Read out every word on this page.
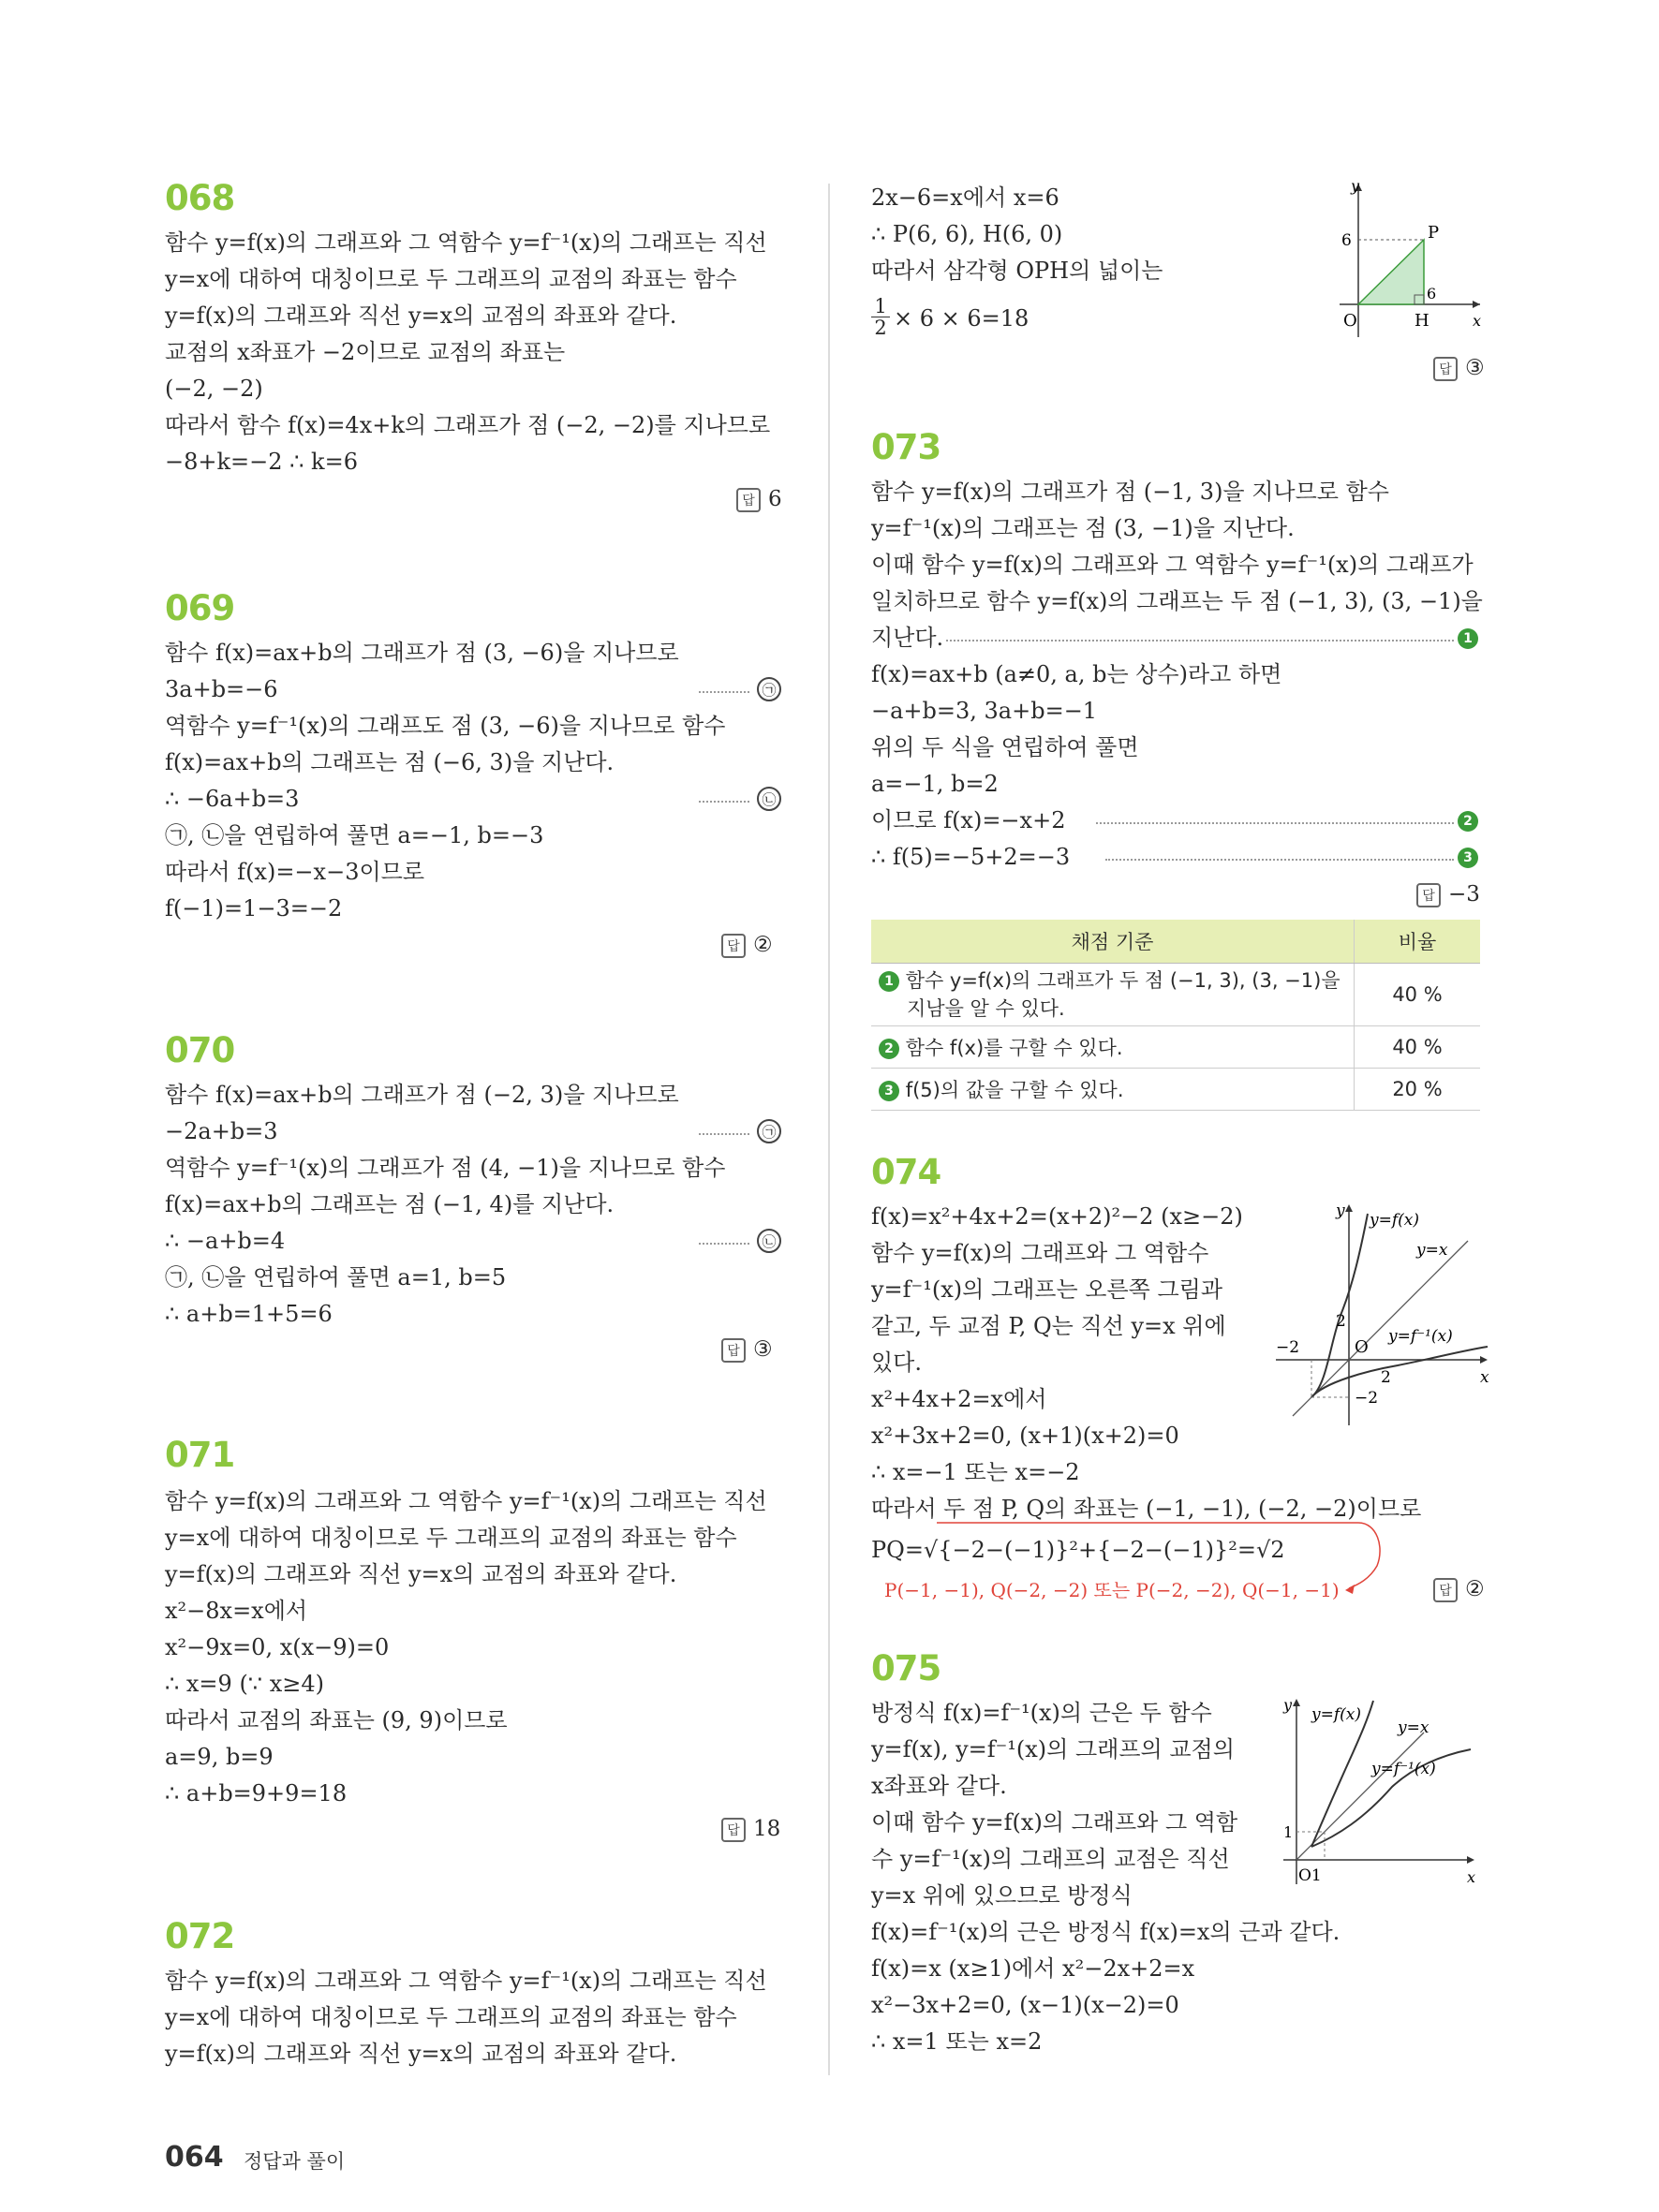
068
함수 y=f(x)의 그래프와 그 역함수 y=f⁻¹(x)의 그래프는 직선
y=x에 대하여 대칭이므로 두 그래프의 교점의 좌표는 함수
y=f(x)의 그래프와 직선 y=x의 교점의 좌표와 같다.
교점의 x좌표가 −2이므로 교점의 좌표는
(−2, −2)
따라서 함수 f(x)=4x+k의 그래프가 점 (−2, −2)를 지나므로
−8+k=−2 ∴ k=6
답 6
069
함수 f(x)=ax+b의 그래프가 점 (3, −6)을 지나므로
3a+b=−6	㉠
역함수 y=f⁻¹(x)의 그래프도 점 (3, −6)을 지나므로 함수
f(x)=ax+b의 그래프는 점 (−6, 3)을 지난다.
∴ −6a+b=3	㉡
㉠, ㉡을 연립하여 풀면 a=−1, b=−3
따라서 f(x)=−x−3이므로
f(−1)=1−3=−2
답 ②
070
함수 f(x)=ax+b의 그래프가 점 (−2, 3)을 지나므로
−2a+b=3	㉠
역함수 y=f⁻¹(x)의 그래프가 점 (4, −1)을 지나므로 함수
f(x)=ax+b의 그래프는 점 (−1, 4)를 지난다.
∴ −a+b=4	㉡
㉠, ㉡을 연립하여 풀면 a=1, b=5
∴ a+b=1+5=6
답 ③
071
함수 y=f(x)의 그래프와 그 역함수 y=f⁻¹(x)의 그래프는 직선
y=x에 대하여 대칭이므로 두 그래프의 교점의 좌표는 함수
y=f(x)의 그래프와 직선 y=x의 교점의 좌표와 같다.
x²−8x=x에서
x²−9x=0, x(x−9)=0
∴ x=9 (∵ x≥4)
따라서 교점의 좌표는 (9, 9)이므로
a=9, b=9
∴ a+b=9+9=18
답 18
072
함수 y=f(x)의 그래프와 그 역함수 y=f⁻¹(x)의 그래프는 직선
y=x에 대하여 대칭이므로 두 그래프의 교점의 좌표는 함수
y=f(x)의 그래프와 직선 y=x의 교점의 좌표와 같다.
2x−6=x에서 x=6
∴ P(6, 6), H(6, 0)
따라서 삼각형 OPH의 넓이는
$\frac{1}{2} \times 6 \times 6=18$
y
x
6
6
P
O	H
답 ③
073
함수 y=f(x)의 그래프가 점 (−1, 3)을 지나므로 함수
y=f⁻¹(x)의 그래프는 점 (3, −1)을 지난다.
이때 함수 y=f(x)의 그래프와 그 역함수 y=f⁻¹(x)의 그래프가
일치하므로 함수 y=f(x)의 그래프는 두 점 (−1, 3), (3, −1)을
지난다.	1
f(x)=ax+b (a≠0, a, b는 상수)라고 하면
−a+b=3, 3a+b=−1
위의 두 식을 연립하여 풀면
a=−1, b=2
이므로 f(x)=−x+2	2
∴ f(5)=−5+2=−3	3
답 −3
채점 기준	비율
1 함수 y=f(x)의 그래프가 두 점 (−1, 3), (3, −1)을
지남을 알 수 있다.	40 %
2 함수 f(x)를 구할 수 있다.	40 %
3 f(5)의 값을 구할 수 있다.	20 %
074
f(x)=x²+4x+2=(x+2)²−2 (x≥−2)
함수 y=f(x)의 그래프와 그 역함수
y=f⁻¹(x)의 그래프는 오른쪽 그림과
같고, 두 교점 P, Q는 직선 y=x 위에
있다.
x²+4x+2=x에서
x²+3x+2=0, (x+1)(x+2)=0
∴ x=−1 또는 x=−2
따라서 두 점 P, Q의 좌표는 (−1, −1), (−2, −2)이므로
PQ=√{−2−(−1)}²+{−2−(−1)}²=√2
P(−1, −1), Q(−2, −2) 또는 P(−2, −2), Q(−1, −1)	답 ②
y
x
y=f(x)
y=x
y=f⁻¹(x)
2
2
−2
−2
O
075
방정식 f(x)=f⁻¹(x)의 근은 두 함수
y=f(x), y=f⁻¹(x)의 그래프의 교점의
x좌표와 같다.
이때 함수 y=f(x)의 그래프와 그 역함
수 y=f⁻¹(x)의 그래프의 교점은 직선
y=x 위에 있으므로 방정식
f(x)=f⁻¹(x)의 근은 방정식 f(x)=x의 근과 같다.
f(x)=x (x≥1)에서 x²−2x+2=x
x²−3x+2=0, (x−1)(x−2)=0
∴ x=1 또는 x=2
y
x
y=f(x)
y=x
y=f⁻¹(x)
1
O1
064 정답과 풀이
